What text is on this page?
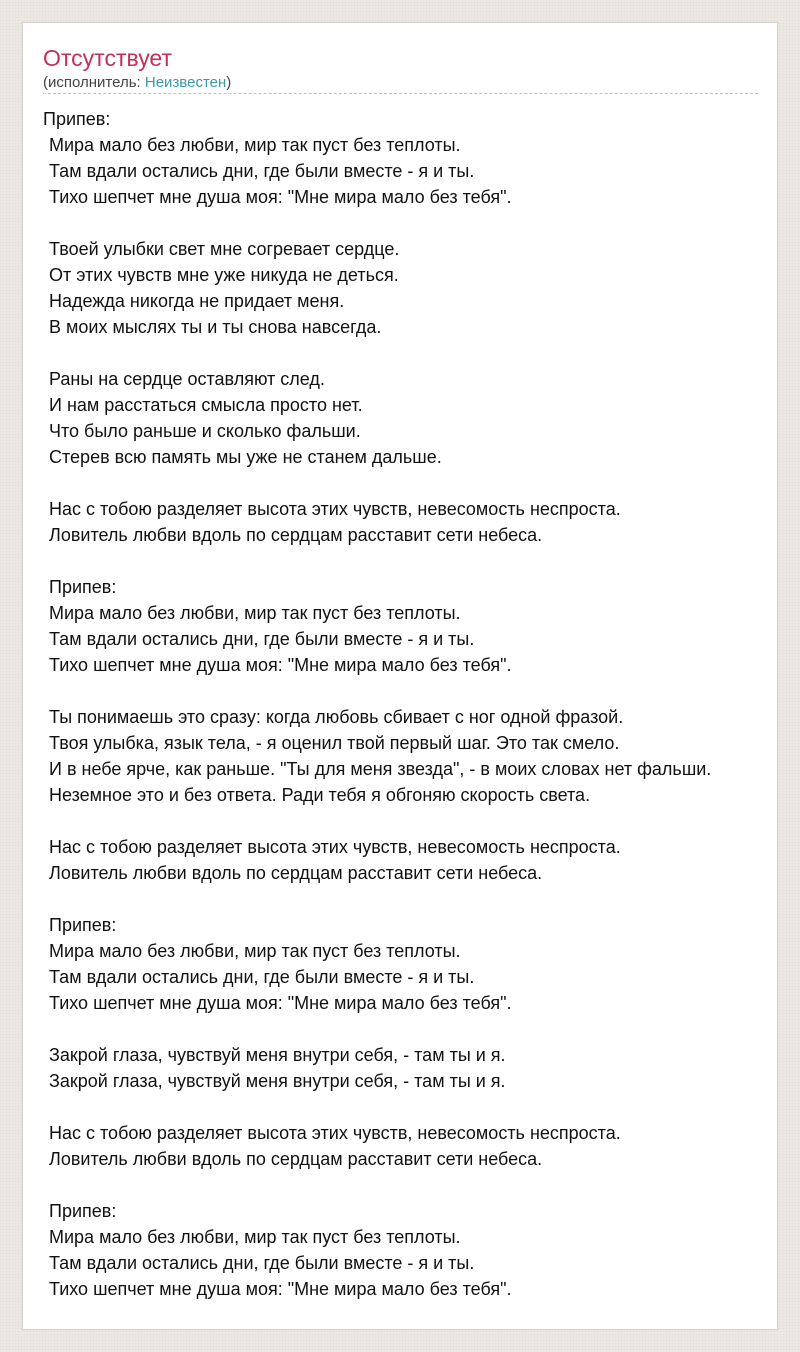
Отсутствует
(исполнитель: Неизвестен)
Припев:
Мира мало без любви, мир так пуст без теплоты.
Там вдали остались дни, где были вместе - я и ты.
Тихо шепчет мне душа моя: "Мне мира мало без тебя".
Твоей улыбки свет мне согревает сердце.
От этих чувств мне уже никуда не деться.
Надежда никогда не придает меня.
В моих мыслях ты и ты снова навсегда.
Раны на сердце оставляют след.
И нам расстаться смысла просто нет.
Что было раньше и сколько фальши.
Стерев всю память мы уже не станем дальше.
Нас с тобою разделяет высота этих чувств, невесомость неспроста.
Ловитель любви вдоль по сердцам расставит сети небеса.
Припев:
Мира мало без любви, мир так пуст без теплоты.
Там вдали остались дни, где были вместе - я и ты.
Тихо шепчет мне душа моя: "Мне мира мало без тебя".
Ты понимаешь это сразу: когда любовь сбивает с ног одной фразой.
Твоя улыбка, язык тела, - я оценил твой первый шаг. Это так смело.
И в небе ярче, как раньше. "Ты для меня звезда", - в моих словах нет фальши.
Неземное это и без ответа. Ради тебя я обгоняю скорость света.
Нас с тобою разделяет высота этих чувств, невесомость неспроста.
Ловитель любви вдоль по сердцам расставит сети небеса.
Припев:
Мира мало без любви, мир так пуст без теплоты.
Там вдали остались дни, где были вместе - я и ты.
Тихо шепчет мне душа моя: "Мне мира мало без тебя".
Закрой глаза, чувствуй меня внутри себя, - там ты и я.
Закрой глаза, чувствуй меня внутри себя, - там ты и я.
Нас с тобою разделяет высота этих чувств, невесомость неспроста.
Ловитель любви вдоль по сердцам расставит сети небеса.
Припев:
Мира мало без любви, мир так пуст без теплоты.
Там вдали остались дни, где были вместе - я и ты.
Тихо шепчет мне душа моя: "Мне мира мало без тебя".
